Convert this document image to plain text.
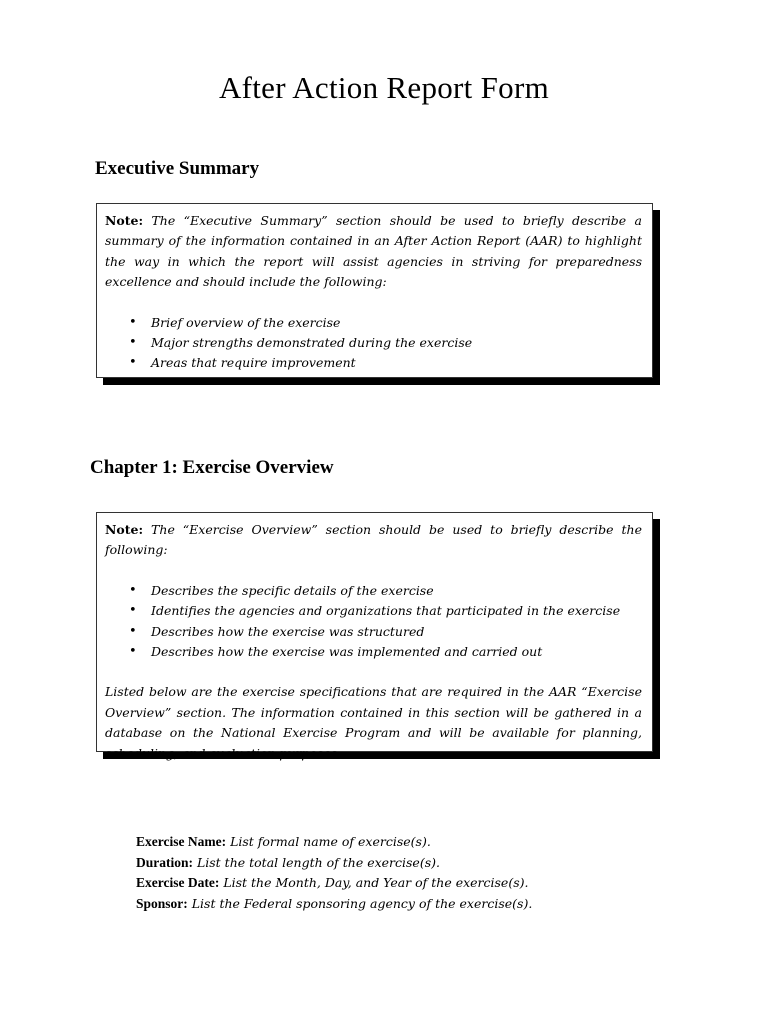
After Action Report Form
Executive Summary

Note: The “Executive Summary” section should be used to briefly describe a summary of the information contained in an After Action Report (AAR) to highlight the way in which the report will assist agencies in striving for preparedness excellence and should include the following:

• Brief overview of the exercise
• Major strengths demonstrated during the exercise
• Areas that require improvement
Chapter 1: Exercise Overview

Note: The “Exercise Overview” section should be used to briefly describe the following:

• Describes the specific details of the exercise
• Identifies the agencies and organizations that participated in the exercise
• Describes how the exercise was structured
• Describes how the exercise was implemented and carried out

Listed below are the exercise specifications that are required in the AAR “Exercise Overview” section. The information contained in this section will be gathered in a database on the National Exercise Program and will be available for planning, scheduling, and evaluation purposes.

Exercise Name: List formal name of exercise(s).
Duration: List the total length of the exercise(s).
Exercise Date: List the Month, Day, and Year of the exercise(s).
Sponsor: List the Federal sponsoring agency of the exercise(s).
